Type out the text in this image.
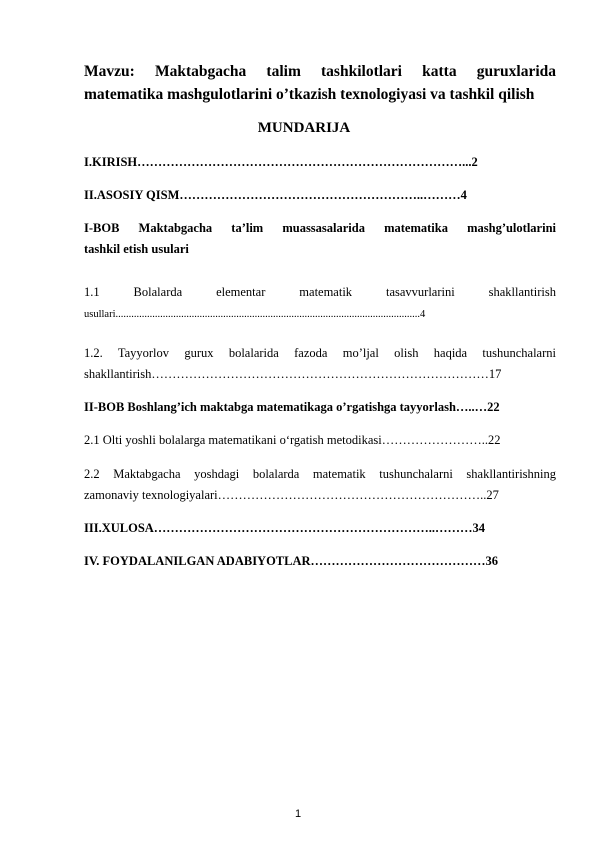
Mavzu: Maktabgacha talim tashkilotlari katta guruxlarida
matematika mashgulotlarini o’tkazish texnologiyasi va tashkil qilish
MUNDARIJA
I.KIRISH……………………………………………………………………...2
II.ASOSIY QISM…………………………………………………..………4
I-BOB Maktabgacha ta’lim muassasalarida matematika mashg’ulotlarini
tashkil etish usulari
1.1 Bolalarda elementar matematik tasavvurlarini shakllantirish
usullari....................................................................................................................4
1.2. Tayyorlov gurux bolalarida fazoda mo’ljal olish haqida tushunchalarni
shakllantirish………………………………………………………………………17
II-BOB Boshlang’ich maktabga matematikaga o’rgatishga tayyorlash…..…22
2.1 Olti yoshli bolalarga matematikani o‘rgatish metodikasi……………………..22
2.2 Maktabgacha yoshdagi bolalarda matematik tushunchalarni shakllantirishning
zamonaviy texnologiyalari………………………………………………………..27
III.XULOSA…………………………………………………………..………34
IV. FOYDALANILGAN ADABIYOTLAR……………………………………36
1
